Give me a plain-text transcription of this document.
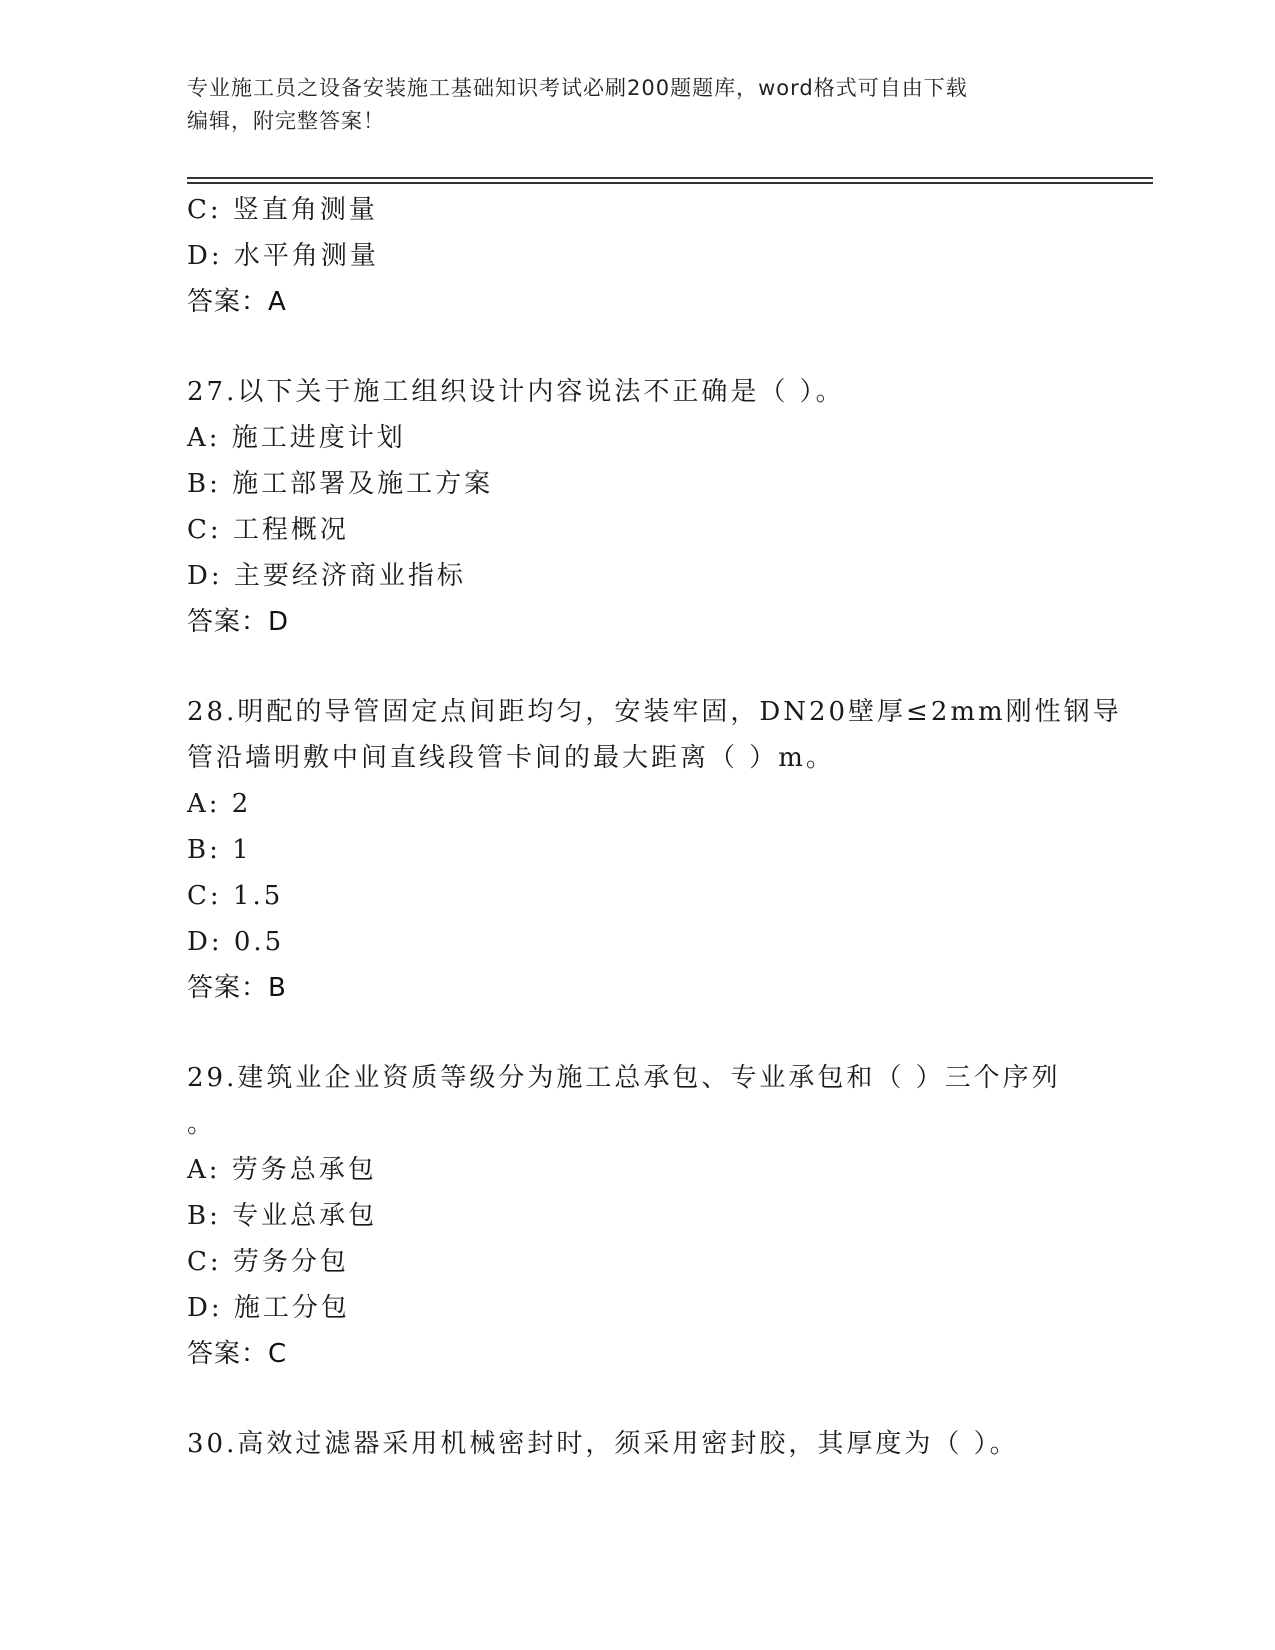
专业施工员之设备安装施工基础知识考试必刷200题题库，word格式可自由下载
编辑，附完整答案！
C: 竖直角测量
D: 水平角测量
答案：A
27.以下关于施工组织设计内容说法不正确是（ ）。
A: 施工进度计划
B: 施工部署及施工方案
C: 工程概况
D: 主要经济商业指标
答案：D
28.明配的导管固定点间距均匀，安装牢固，DN20壁厚≤2mm刚性钢导
管沿墙明敷中间直线段管卡间的最大距离（ ）m。
A: 2
B: 1
C: 1.5
D: 0.5
答案：B
29.建筑业企业资质等级分为施工总承包、专业承包和（ ）三个序列
。
A: 劳务总承包
B: 专业总承包
C: 劳务分包
D: 施工分包
答案：C
30.高效过滤器采用机械密封时，须采用密封胶，其厚度为（ ）。
